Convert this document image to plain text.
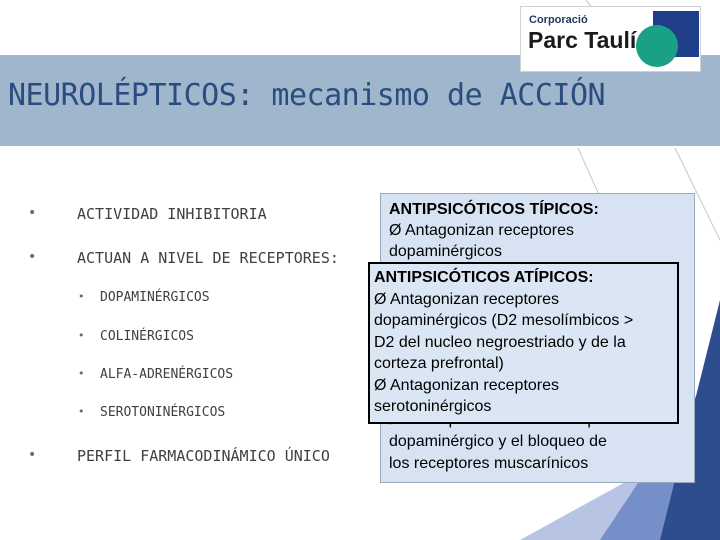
NEUROLÉPTICOS: mecanismo de ACCIÓN
Corporació
Parc Taulí
•	ACTIVIDAD INHIBITORIA
•	ACTUAN A NIVEL DE RECEPTORES:
• DOPAMINÉRGICOS
• COLINÉRGICOS
• ALFA-ADRENÉRGICOS
• SEROTONINÉRGICOS
•	PERFIL FARMACODINÁMICO ÚNICO
ANTIPSICÓTICOS TÍPICOS:
Ø Antagonizan receptores
dopaminérgicos
dopaminérgico y el bloqueo de
los receptores muscarínicos
ANTIPSICÓTICOS ATÍPICOS:
Ø Antagonizan receptores
dopaminérgicos (D2 mesolímbicos >
D2 del nucleo negroestriado y de la
corteza prefrontal)
Ø Antagonizan receptores
serotoninérgicos
